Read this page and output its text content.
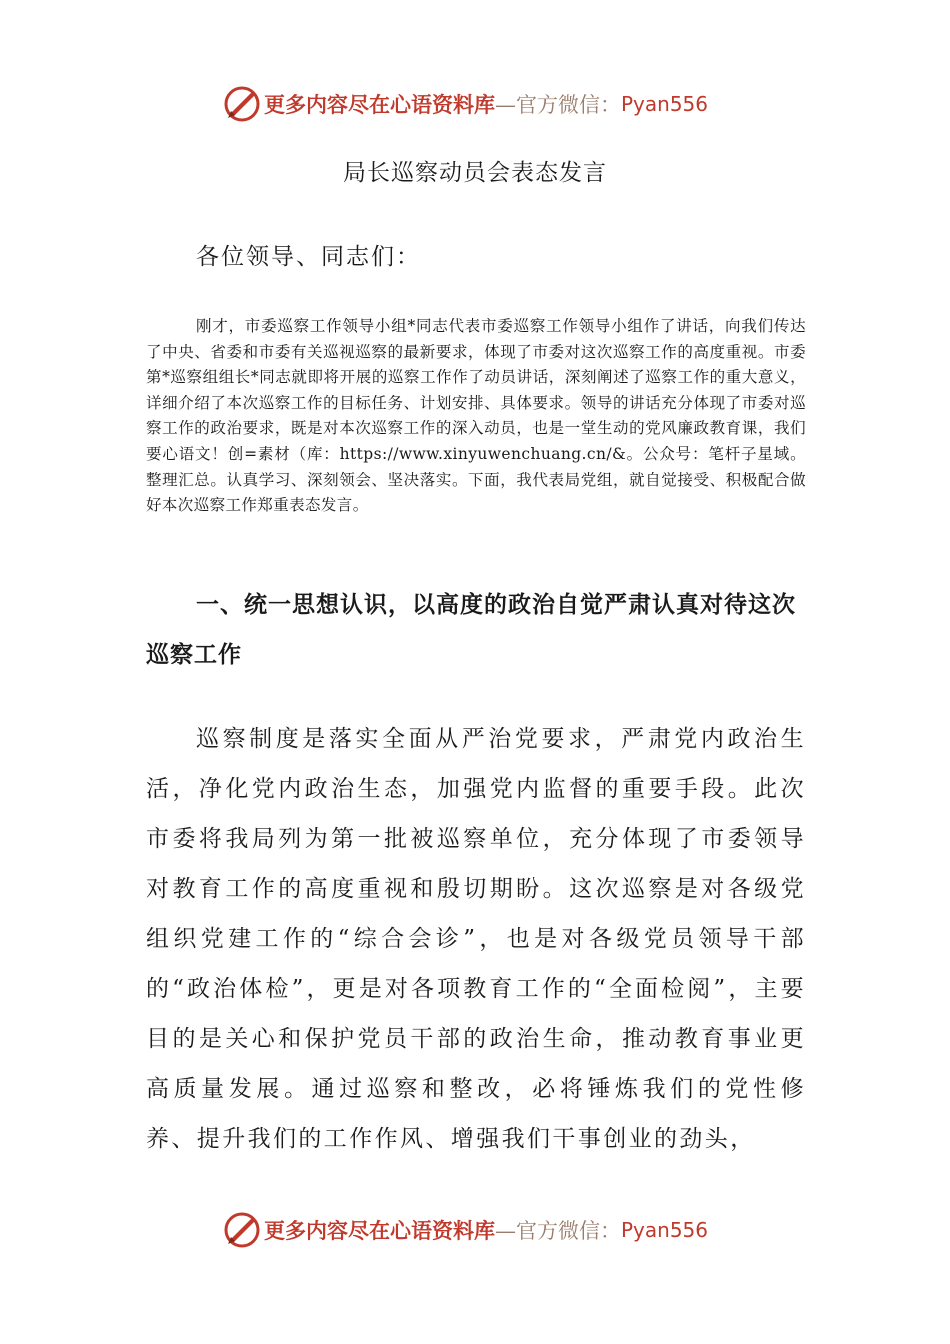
更多内容尽在心语资料库 —官方微信： Pyan556
局长巡察动员会表态发言
各位领导、同志们：

刚才，市委巡察工作领导小组*同志代表市委巡察工作领导小组作了讲话，向我们传达了中央、省委和市委有关巡视巡察的最新要求，体现了市委对这次巡察工作的高度重视。市委第*巡察组组长*同志就即将开展的巡察工作作了动员讲话，深刻阐述了巡察工作的重大意义，详细介绍了本次巡察工作的目标任务、计划安排、具体要求。领导的讲话充分体现了市委对巡察工作的政治要求，既是对本次巡察工作的深入动员，也是一堂生动的党风廉政教育课，我们要心语文！创=素材（库：https://www.xinyuwenchuang.cn/&。公众号：笔杆子星域。整理汇总。认真学习、深刻领会、坚决落实。下面，我代表局党组，就自觉接受、积极配合做好本次巡察工作郑重表态发言。

一、统一思想认识，以高度的政治自觉严肃认真对待这次巡察工作

巡察制度是落实全面从严治党要求，严肃党内政治生活，净化党内政治生态，加强党内监督的重要手段。此次市委将我局列为第一批被巡察单位，充分体现了市委领导对教育工作的高度重视和殷切期盼。这次巡察是对各级党组织党建工作的“综合会诊”，也是对各级党员领导干部的“政治体检”，更是对各项教育工作的“全面检阅”，主要目的是关心和保护党员干部的政治生命，推动教育事业更高质量发展。通过巡察和整改，必将锤炼我们的党性修养、提升我们的工作作风、增强我们干事创业的劲头，

更多内容尽在心语资料库 —官方微信： Pyan556
